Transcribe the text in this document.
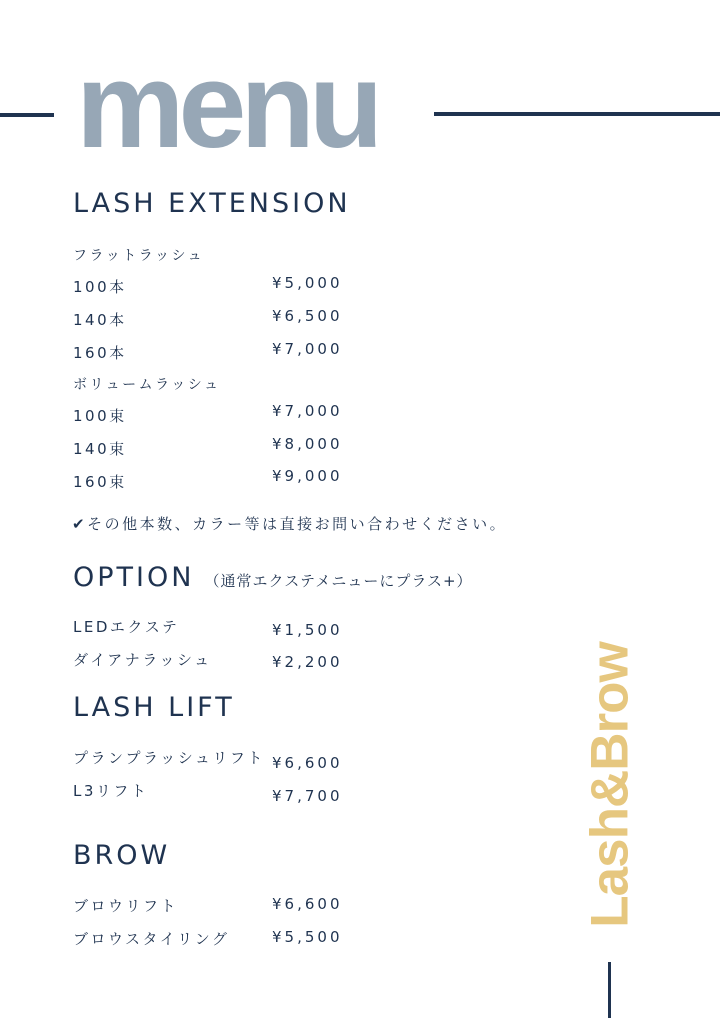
menu
LASH EXTENSION
フラットラッシュ
100本	¥5,000
140本	¥6,500
160本	¥7,000
ボリュームラッシュ
100束	¥7,000
140束	¥8,000
160束	¥9,000
✔その他本数、カラー等は直接お問い合わせください。
OPTION （通常エクステメニューにプラス+）
LEDエクステ	¥1,500
ダイアナラッシュ	¥2,200
LASH LIFT
プランプラッシュリフト ¥6,600
L3リフト	¥7,700
BROW
ブロウリフト	¥6,600
ブロウスタイリング	¥5,500
Lash&Brow
